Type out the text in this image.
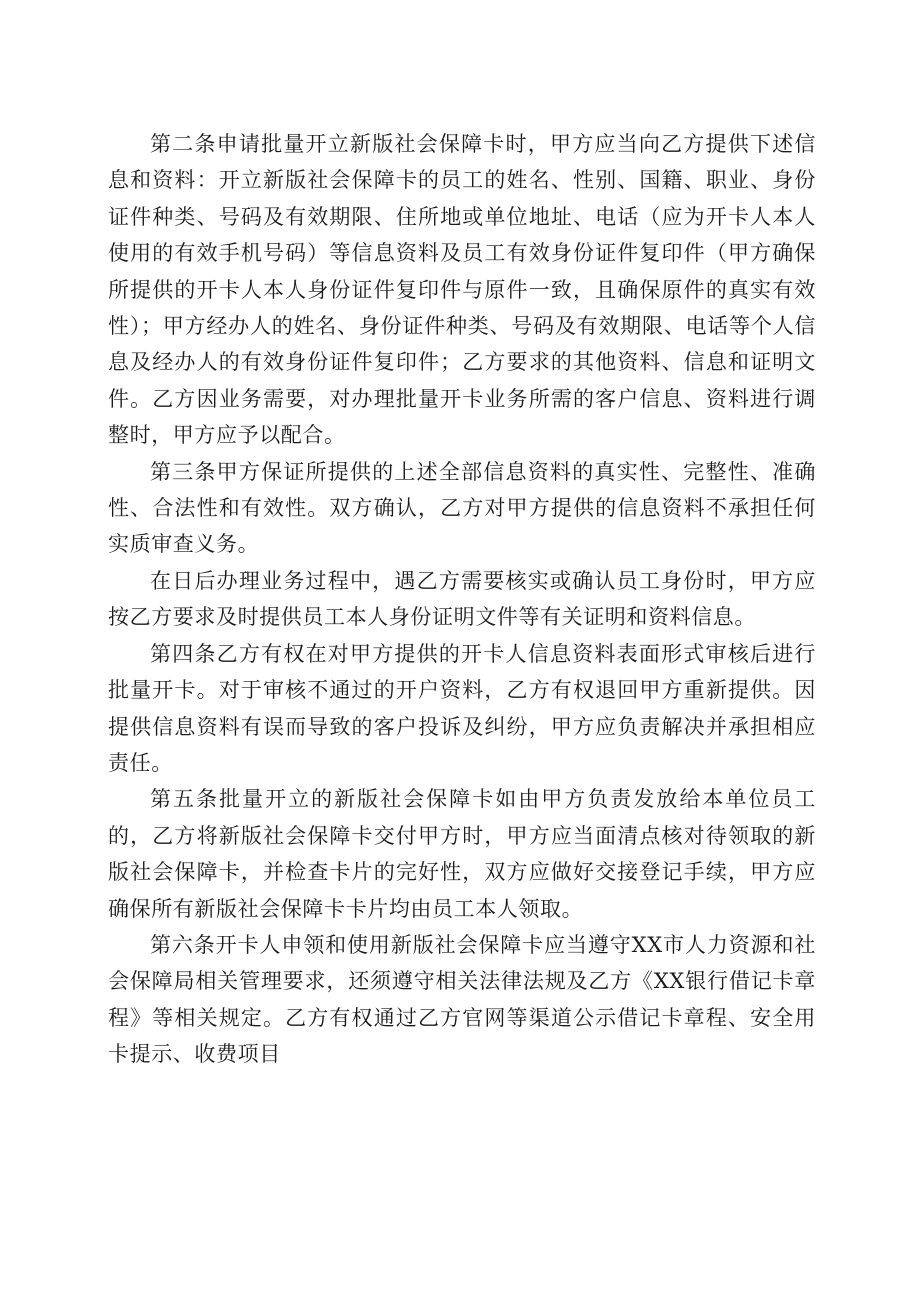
第二条申请批量开立新版社会保障卡时，甲方应当向乙方提供下述信息和资料：开立新版社会保障卡的员工的姓名、性别、国籍、职业、身份证件种类、号码及有效期限、住所地或单位地址、电话（应为开卡人本人使用的有效手机号码）等信息资料及员工有效身份证件复印件（甲方确保所提供的开卡人本人身份证件复印件与原件一致，且确保原件的真实有效性）；甲方经办人的姓名、身份证件种类、号码及有效期限、电话等个人信息及经办人的有效身份证件复印件；乙方要求的其他资料、信息和证明文件。乙方因业务需要，对办理批量开卡业务所需的客户信息、资料进行调整时，甲方应予以配合。

第三条甲方保证所提供的上述全部信息资料的真实性、完整性、准确性、合法性和有效性。双方确认，乙方对甲方提供的信息资料不承担任何实质审查义务。

在日后办理业务过程中，遇乙方需要核实或确认员工身份时，甲方应按乙方要求及时提供员工本人身份证明文件等有关证明和资料信息。

第四条乙方有权在对甲方提供的开卡人信息资料表面形式审核后进行批量开卡。对于审核不通过的开户资料，乙方有权退回甲方重新提供。因提供信息资料有误而导致的客户投诉及纠纷，甲方应负责解决并承担相应责任。

第五条批量开立的新版社会保障卡如由甲方负责发放给本单位员工的，乙方将新版社会保障卡交付甲方时，甲方应当面清点核对待领取的新版社会保障卡，并检查卡片的完好性，双方应做好交接登记手续，甲方应确保所有新版社会保障卡卡片均由员工本人领取。

第六条开卡人申领和使用新版社会保障卡应当遵守XX市人力资源和社会保障局相关管理要求，还须遵守相关法律法规及乙方《XX银行借记卡章程》等相关规定。乙方有权通过乙方官网等渠道公示借记卡章程、安全用卡提示、收费项目
